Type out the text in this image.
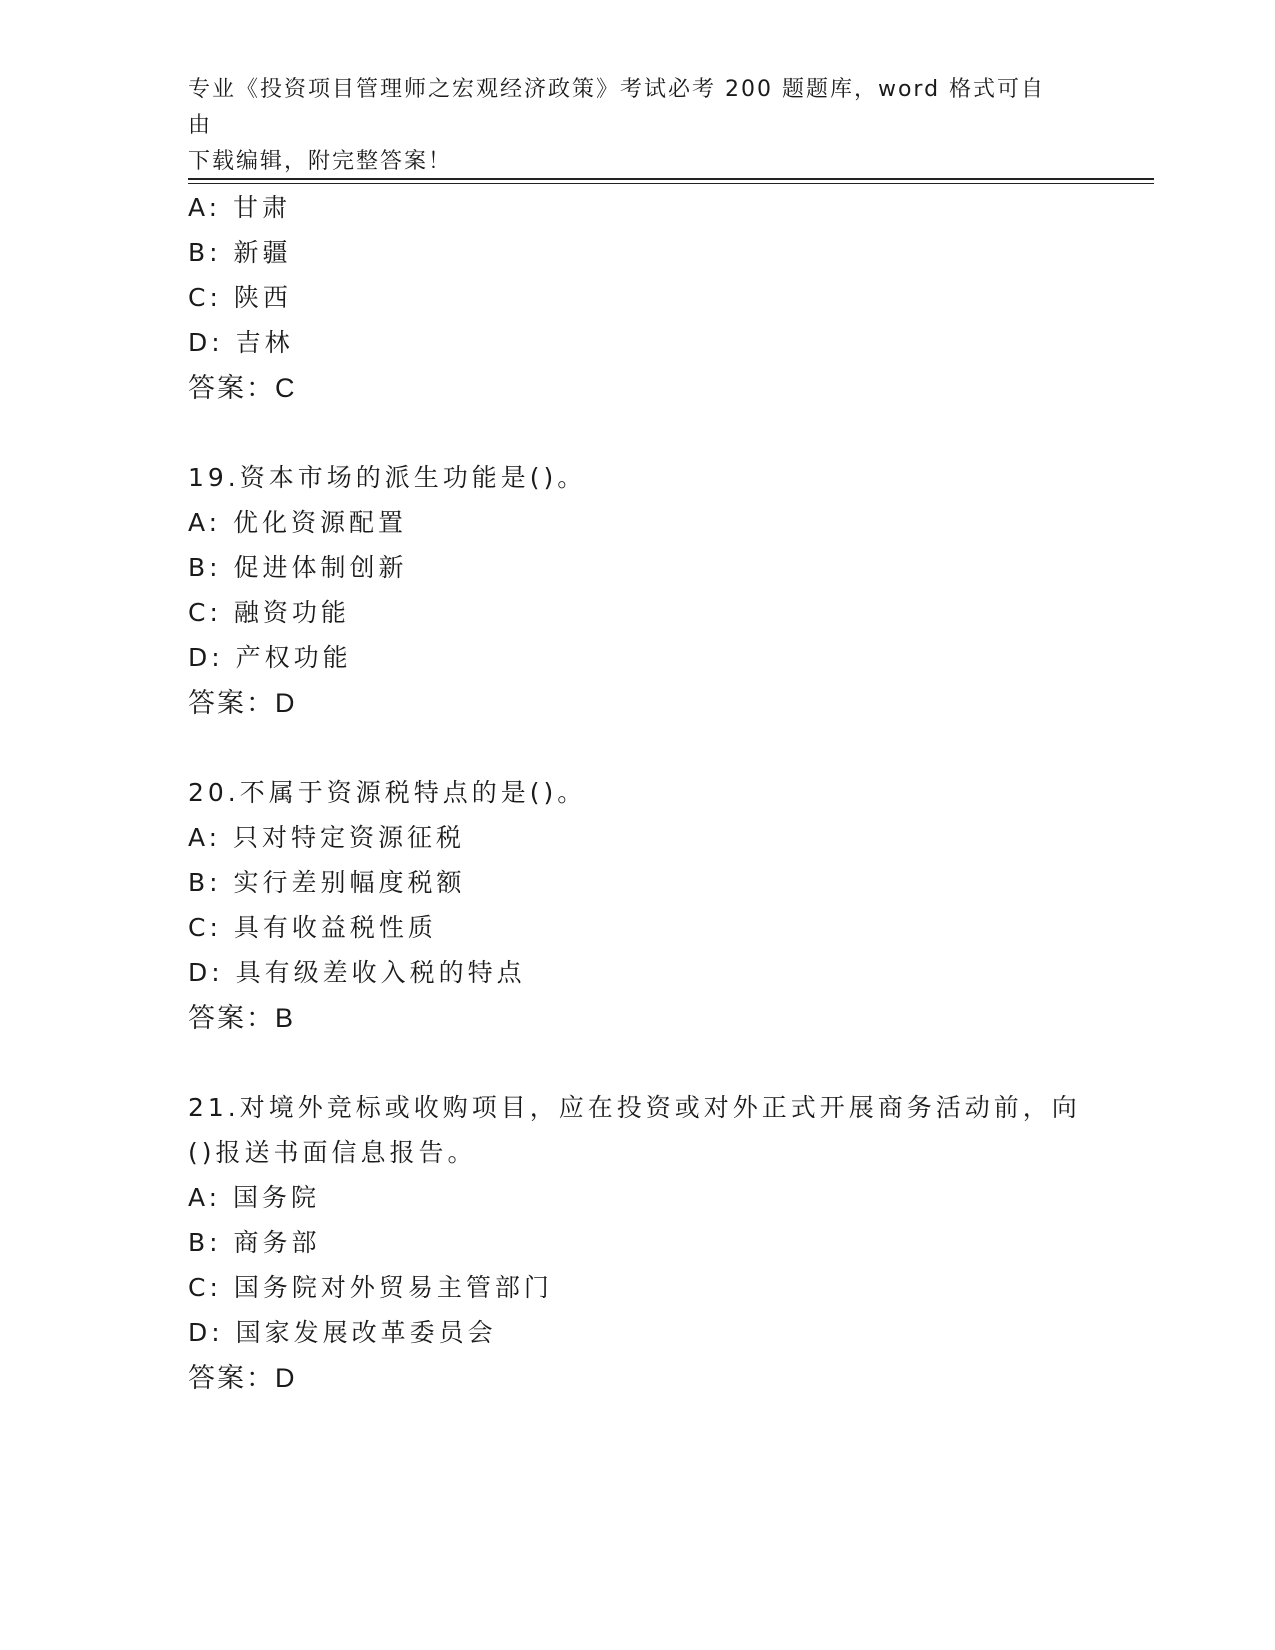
专业《投资项目管理师之宏观经济政策》考试必考 200 题题库，word 格式可自由
下载编辑，附完整答案！
A: 甘肃
B: 新疆
C: 陕西
D: 吉林
答案：C
19.资本市场的派生功能是()。
A: 优化资源配置
B: 促进体制创新
C: 融资功能
D: 产权功能
答案：D
20.不属于资源税特点的是()。
A: 只对特定资源征税
B: 实行差别幅度税额
C: 具有收益税性质
D: 具有级差收入税的特点
答案：B
21.对境外竞标或收购项目，应在投资或对外正式开展商务活动前，向
()报送书面信息报告。
A: 国务院
B: 商务部
C: 国务院对外贸易主管部门
D: 国家发展改革委员会
答案：D
